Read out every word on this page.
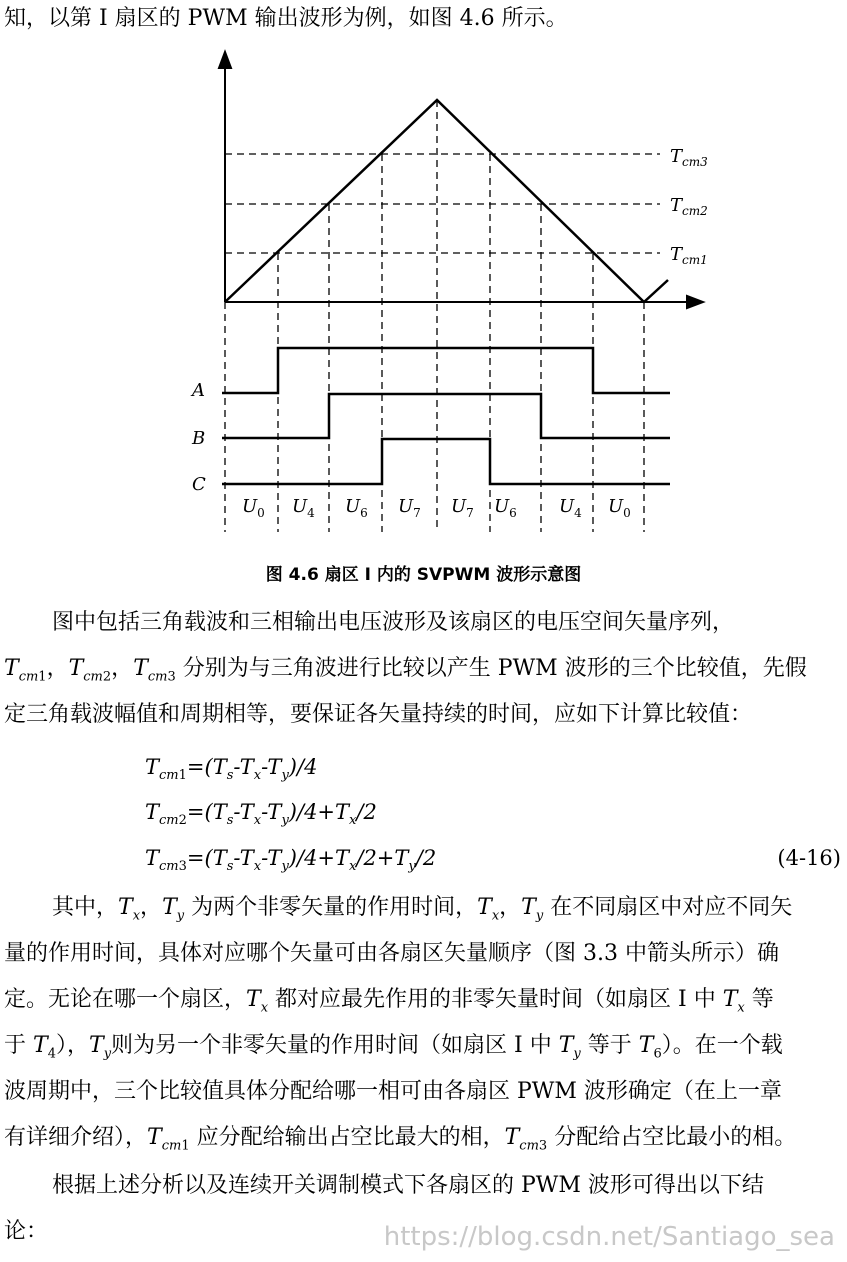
知，以第 I 扇区的 PWM 输出波形为例，如图 4.6 所示。
$T_{cm3}$
$T_{cm2}$
$T_{cm1}$
A
B
C
$U_0$ $U_4$ $U_6$ $U_7$ $U_7$ $U_6$ $U_4$ $U_0$
图 4.6 扇区 I 内的 SVPWM 波形示意图
图中包括三角载波和三相输出电压波形及该扇区的电压空间矢量序列，
$T_{cm1}$，$T_{cm2}$，$T_{cm3}$ 分别为与三角波进行比较以产生 PWM 波形的三个比较值，先假
定三角载波幅值和周期相等，要保证各矢量持续的时间，应如下计算比较值：
$T_{cm1}=(T_s-T_x-T_y)/4$
$T_{cm2}=(T_s-T_x-T_y)/4+T_x/2$
$T_{cm3}=(T_s-T_x-T_y)/4+T_x/2+T_y/2$	(4-16)
其中，$T_x$，$T_y$ 为两个非零矢量的作用时间，$T_x$，$T_y$ 在不同扇区中对应不同矢
量的作用时间，具体对应哪个矢量可由各扇区矢量顺序（图 3.3 中箭头所示）确
定。无论在哪一个扇区，$T_x$ 都对应最先作用的非零矢量时间（如扇区 I 中 $T_x$ 等
于 $T_4$），$T_y$则为另一个非零矢量的作用时间（如扇区 I 中 $T_y$ 等于 $T_6$）。在一个载
波周期中，三个比较值具体分配给哪一相可由各扇区 PWM 波形确定（在上一章
有详细介绍），$T_{cm1}$ 应分配给输出占空比最大的相，$T_{cm3}$ 分配给占空比最小的相。
根据上述分析以及连续开关调制模式下各扇区的 PWM 波形可得出以下结
论：	https://blog.csdn.net/Santiago_sea
